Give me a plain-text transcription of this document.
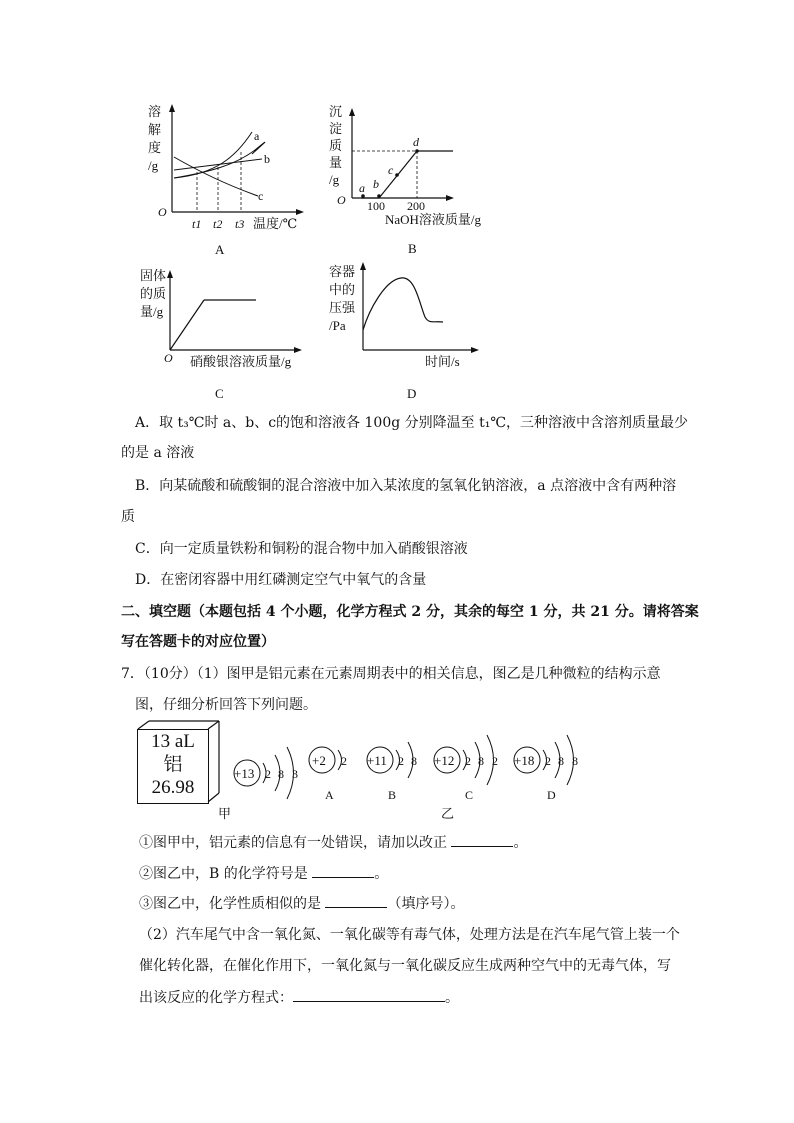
溶
解
度
/g
O
a
b
c
t1 t2 t3 温度/℃
A
沉
淀
质
量
/g
O
a b
c
d
100 200
NaOH溶液质量/g
B
固体
的质
量/g
O 硝酸银溶液质量/g
C
容器
中的
压强
/Pa
时间/s
D
A．取 t₃℃时 a、b、c的饱和溶液各 100g 分别降温至 t₁℃，三种溶液中含溶剂质量最少
的是 a 溶液
B．向某硫酸和硫酸铜的混合溶液中加入某浓度的氢氧化钠溶液，a 点溶液中含有两种溶
质
C．向一定质量铁粉和铜粉的混合物中加入硝酸银溶液
D．在密闭容器中用红磷测定空气中氧气的含量
二、填空题（本题包括 4 个小题，化学方程式 2 分，其余的每空 1 分，共 21 分。请将答案
写在答题卡的对应位置）
7．（10分）（1）图甲是铝元素在元素周期表中的相关信息，图乙是几种微粒的结构示意
图，仔细分析回答下列问题。
13 aL
铝
26.98
+13 2 8 3
+2 2
A
+11 2 8
B
+12 2 8 2
C
+18 2 8 8
D
甲	乙
①图甲中，铝元素的信息有一处错误，请加以改正	。
②图乙中，B 的化学符号是	。
③图乙中，化学性质相似的是	（填序号）。
（2）汽车尾气中含一氧化氮、一氧化碳等有毒气体，处理方法是在汽车尾气管上装一个
催化转化器，在催化作用下，一氧化氮与一氧化碳反应生成两种空气中的无毒气体，写
出该反应的化学方程式：	。
